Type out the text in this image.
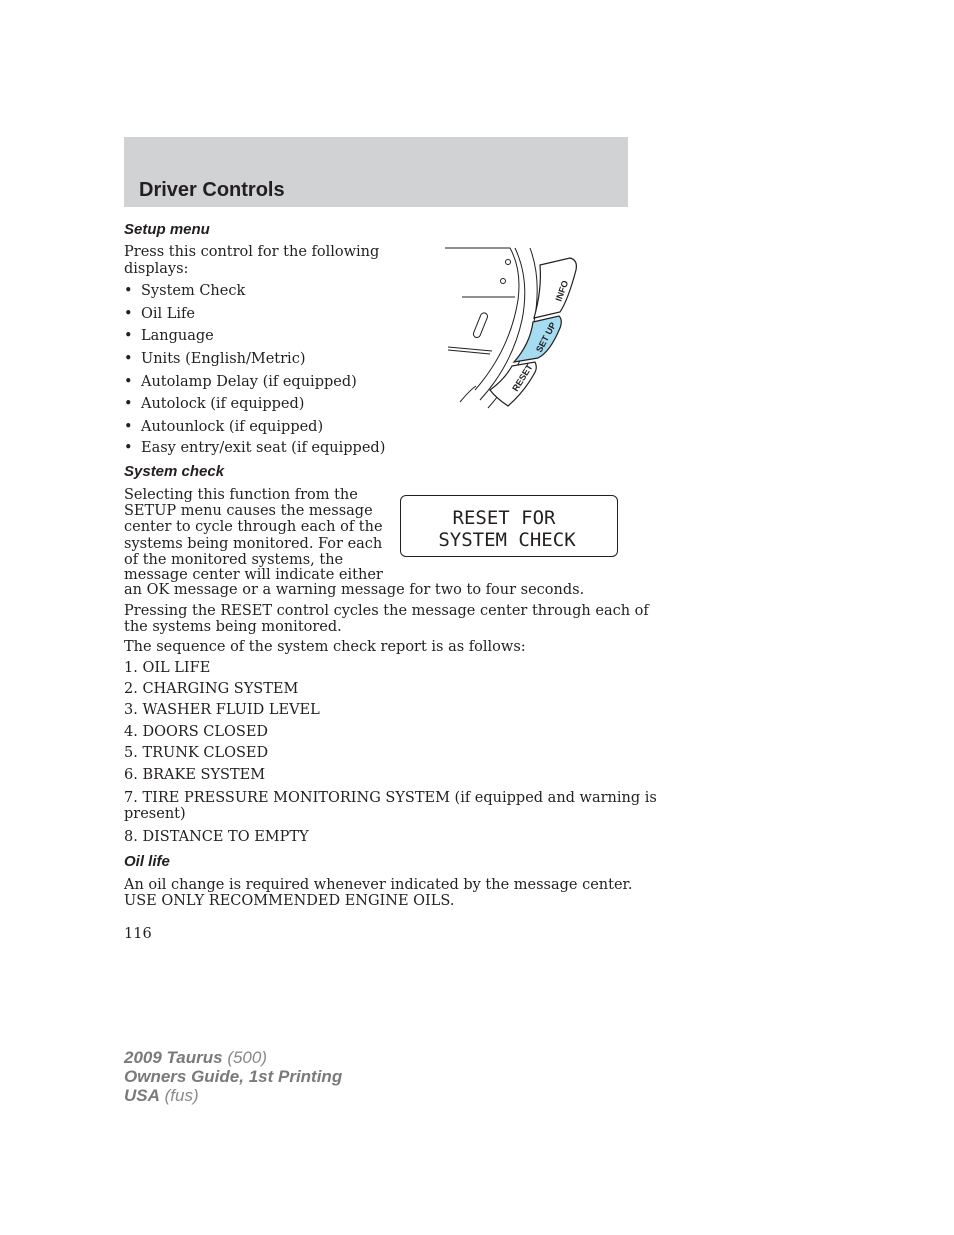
Driver Controls
Setup menu
Press this control for the following
displays:
• System Check
• Oil Life
• Language
• Units (English/Metric)
• Autolamp Delay (if equipped)
• Autolock (if equipped)
• Autounlock (if equipped)
• Easy entry/exit seat (if equipped)
INFO
SET UP
RESET
System check
Selecting this function from the
SETUP menu causes the message
center to cycle through each of the
systems being monitored. For each
of the monitored systems, the
message center will indicate either
an OK message or a warning message for two to four seconds.
RESET FOR
SYSTEM CHECK
Pressing the RESET control cycles the message center through each of
the systems being monitored.
The sequence of the system check report is as follows:
1. OIL LIFE
2. CHARGING SYSTEM
3. WASHER FLUID LEVEL
4. DOORS CLOSED
5. TRUNK CLOSED
6. BRAKE SYSTEM
7. TIRE PRESSURE MONITORING SYSTEM (if equipped and warning is
present)
8. DISTANCE TO EMPTY
Oil life
An oil change is required whenever indicated by the message center.
USE ONLY RECOMMENDED ENGINE OILS.
116
2009 Taurus (500)
Owners Guide, 1st Printing
USA (fus)
